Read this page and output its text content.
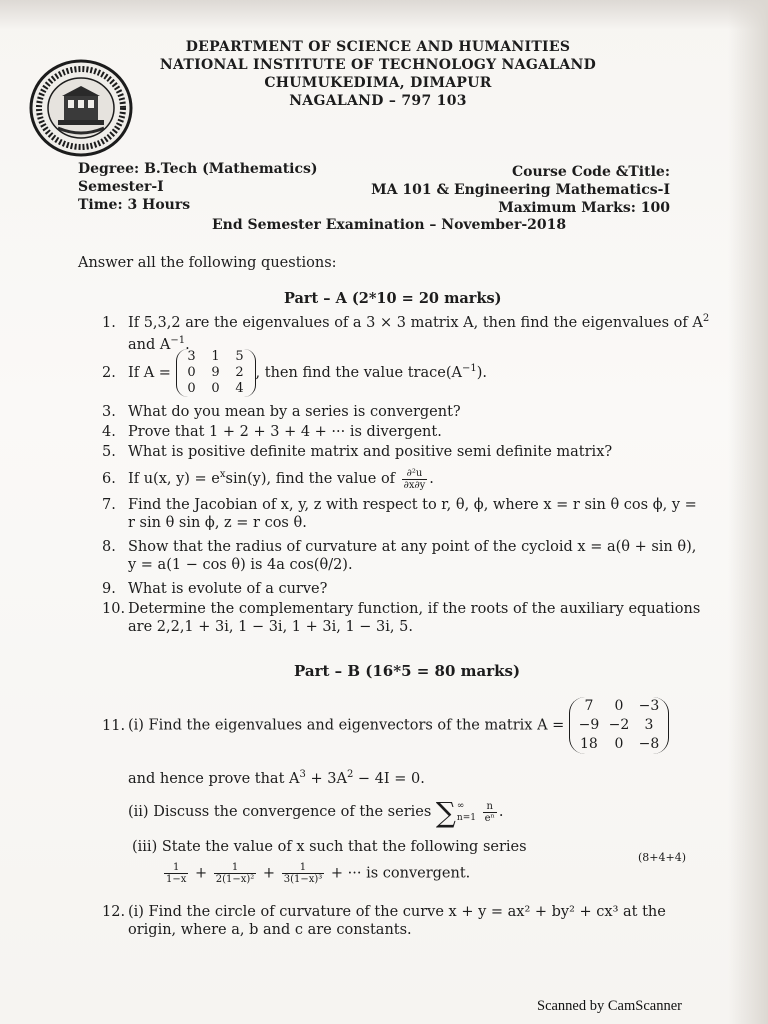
DEPARTMENT OF SCIENCE AND HUMANITIES
NATIONAL INSTITUTE OF TECHNOLOGY NAGALAND
CHUMUKEDIMA, DIMAPUR
NAGALAND – 797 103
Degree: B.Tech (Mathematics)
Semester-I
Time: 3 Hours
Course Code &Title:
MA 101 & Engineering Mathematics-I
Maximum Marks: 100
End Semester Examination – November-2018
Answer all the following questions:
Part – A (2*10 = 20 marks)
1. If 5,3,2 are the eigenvalues of a 3 × 3 matrix A, then find the eigenvalues of $A^2$
and $A^{-1}$.
2. If A =
3 1 5
0 9 2
0 0 4
, then find the value $trace(A^{-1})$.
3. What do you mean by a series is convergent?
4. Prove that 1 + 2 + 3 + 4 + ··· is divergent.
5. What is positive definite matrix and positive semi definite matrix?
6. If u(x, $y) = e^x\sin(y)$, find the value of $\frac{\text{∂²u}}{\partial x\partial y}$ .
7. Find the Jacobian of x, y, z with respect to r, θ, ϕ, where x = r sin θ cos ϕ, y =
r sin θ sin ϕ, z = r cos θ.
8. Show that the radius of curvature at any point of the cycloid x = a(θ + sin θ),
y = a(1 − cos θ) is 4a cos(θ/2).
9. What is evolute of a curve?
10. Determine the complementary function, if the roots of the auxiliary equations
are 2,2,1 + 3i, 1 − 3i, 1 + 3i, 1 − 3i, 5.
Part – B (16*5 = 80 marks)
11. (i) Find the eigenvalues and eigenvectors of the matrix A =
7	0	−3
−9 −2	3
18	0	−8
and hence prove that $A^3 + 3A^2 - 4I = 0$.
(ii) Discuss the convergence of the series ∑ ∞
n=1
$\frac{n}{\text{eⁿ}}$ .
(iii) State the value of x such that the following series
$\frac{1}{1-x} + \frac{1}{\text{2(1−x)²}} + \frac{1}{\text{3(1−x)³}}$ + ··· is convergent.
(8+4+4)
12. (i) Find the circle of curvature of the curve x + y = ax² + by² + cx³ at the
origin, where a, b and c are constants.
Scanned by CamScanner
